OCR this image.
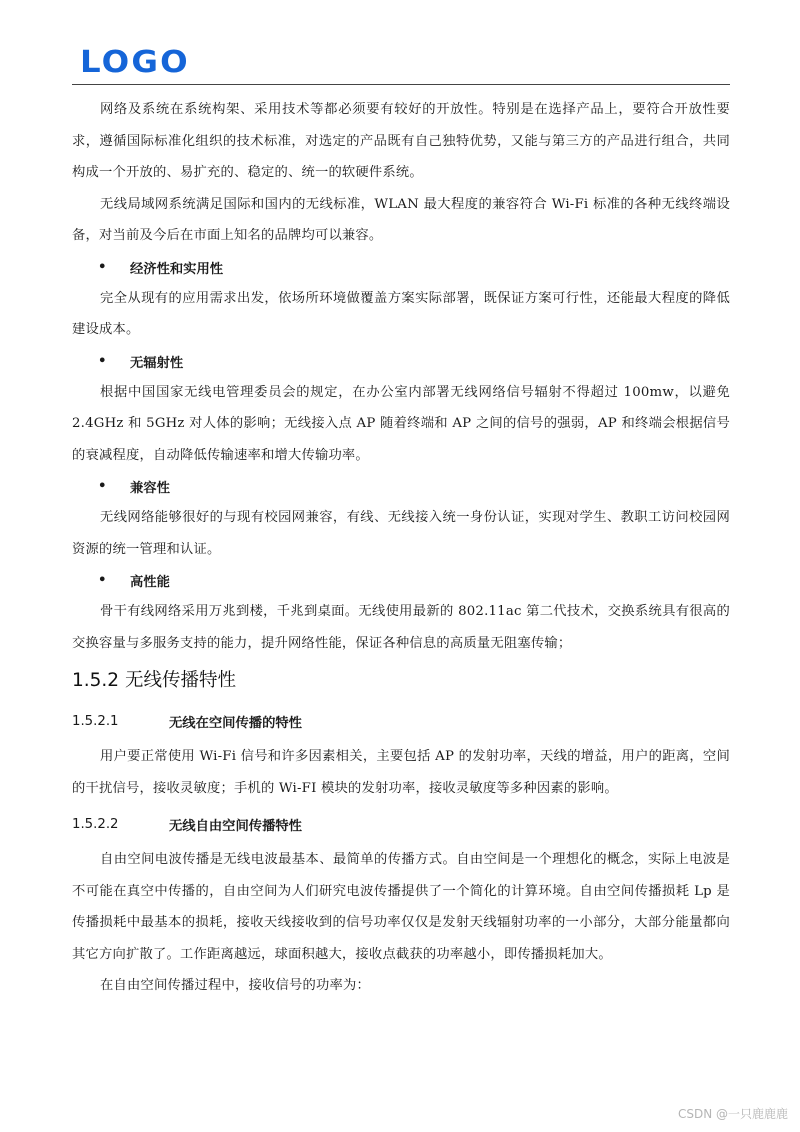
LOGO

网络及系统在系统构架、采用技术等都必须要有较好的开放性。特别是在选择产品上，要符合开放性要求，遵循国际标准化组织的技术标准，对选定的产品既有自己独特优势，又能与第三方的产品进行组合，共同构成一个开放的、易扩充的、稳定的、统一的软硬件系统。

无线局域网系统满足国际和国内的无线标准，WLAN 最大程度的兼容符合 Wi-Fi 标准的各种无线终端设备，对当前及今后在市面上知名的品牌均可以兼容。

•
经济性和实用性

完全从现有的应用需求出发，依场所环境做覆盖方案实际部署，既保证方案可行性，还能最大程度的降低建设成本。

•
无辐射性

根据中国国家无线电管理委员会的规定，在办公室内部署无线网络信号辐射不得超过 100mw，以避免 2.4GHz 和 5GHz 对人体的影响；无线接入点 AP 随着终端和 AP 之间的信号的强弱，AP 和终端会根据信号的衰减程度，自动降低传输速率和增大传输功率。

•
兼容性

无线网络能够很好的与现有校园网兼容，有线、无线接入统一身份认证，实现对学生、教职工访问校园网资源的统一管理和认证。

•
高性能

骨干有线网络采用万兆到楼，千兆到桌面。无线使用最新的 802.11ac 第二代技术，交换系统具有很高的交换容量与多服务支持的能力，提升网络性能，保证各种信息的高质量无阻塞传输；

1.5.2 无线传播特性
1.5.2.1	无线在空间传播的特性

用户要正常使用 Wi-Fi 信号和许多因素相关，主要包括 AP 的发射功率，天线的增益，用户的距离，空间的干扰信号，接收灵敏度；手机的 Wi-FI 模块的发射功率，接收灵敏度等多种因素的影响。

1.5.2.2	无线自由空间传播特性

自由空间电波传播是无线电波最基本、最简单的传播方式。自由空间是一个理想化的概念，实际上电波是不可能在真空中传播的，自由空间为人们研究电波传播提供了一个简化的计算环境。自由空间传播损耗 Lp 是传播损耗中最基本的损耗，接收天线接收到的信号功率仅仅是发射天线辐射功率的一小部分，大部分能量都向其它方向扩散了。工作距离越远，球面积越大，接收点截获的功率越小，即传播损耗加大。

在自由空间传播过程中，接收信号的功率为：

CSDN @一只鹿鹿鹿
